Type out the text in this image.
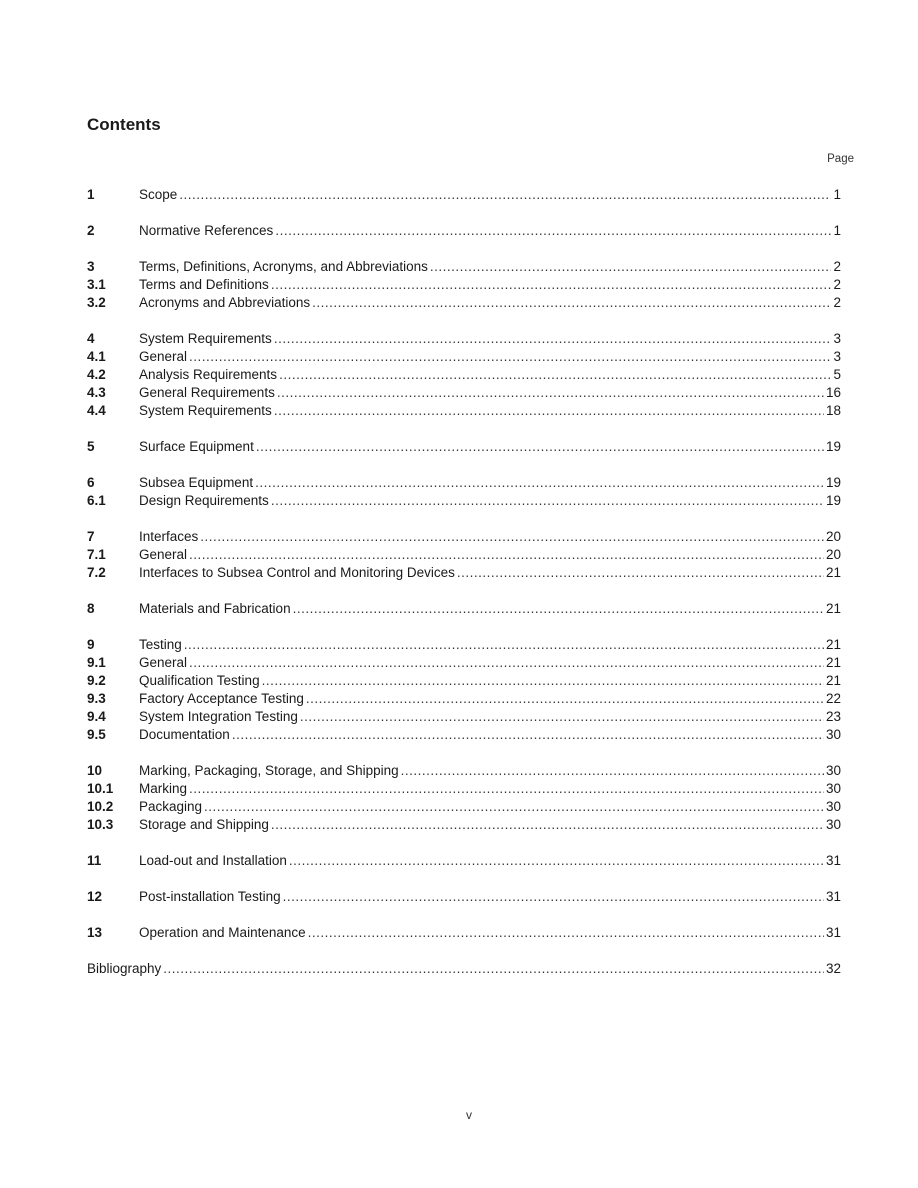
Contents
Page
1	Scope .....	1
2	Normative References .....	1
3	Terms, Definitions, Acronyms, and Abbreviations .....	2
3.1	Terms and Definitions .....	2
3.2	Acronyms and Abbreviations .....	2
4	System Requirements .....	3
4.1	General .....	3
4.2	Analysis Requirements .....	5
4.3	General Requirements .....	16
4.4	System Requirements .....	18
5	Surface Equipment .....	19
6	Subsea Equipment .....	19
6.1	Design Requirements .....	19
7	Interfaces .....	20
7.1	General .....	20
7.2	Interfaces to Subsea Control and Monitoring Devices .....	21
8	Materials and Fabrication .....	21
9	Testing .....	21
9.1	General .....	21
9.2	Qualification Testing .....	21
9.3	Factory Acceptance Testing .....	22
9.4	System Integration Testing .....	23
9.5	Documentation .....	30
10	Marking, Packaging, Storage, and Shipping .....	30
10.1	Marking .....	30
10.2	Packaging .....	30
10.3	Storage and Shipping .....	30
11	Load-out and Installation .....	31
12	Post-installation Testing .....	31
13	Operation and Maintenance .....	31
Bibliography .....	32
v
